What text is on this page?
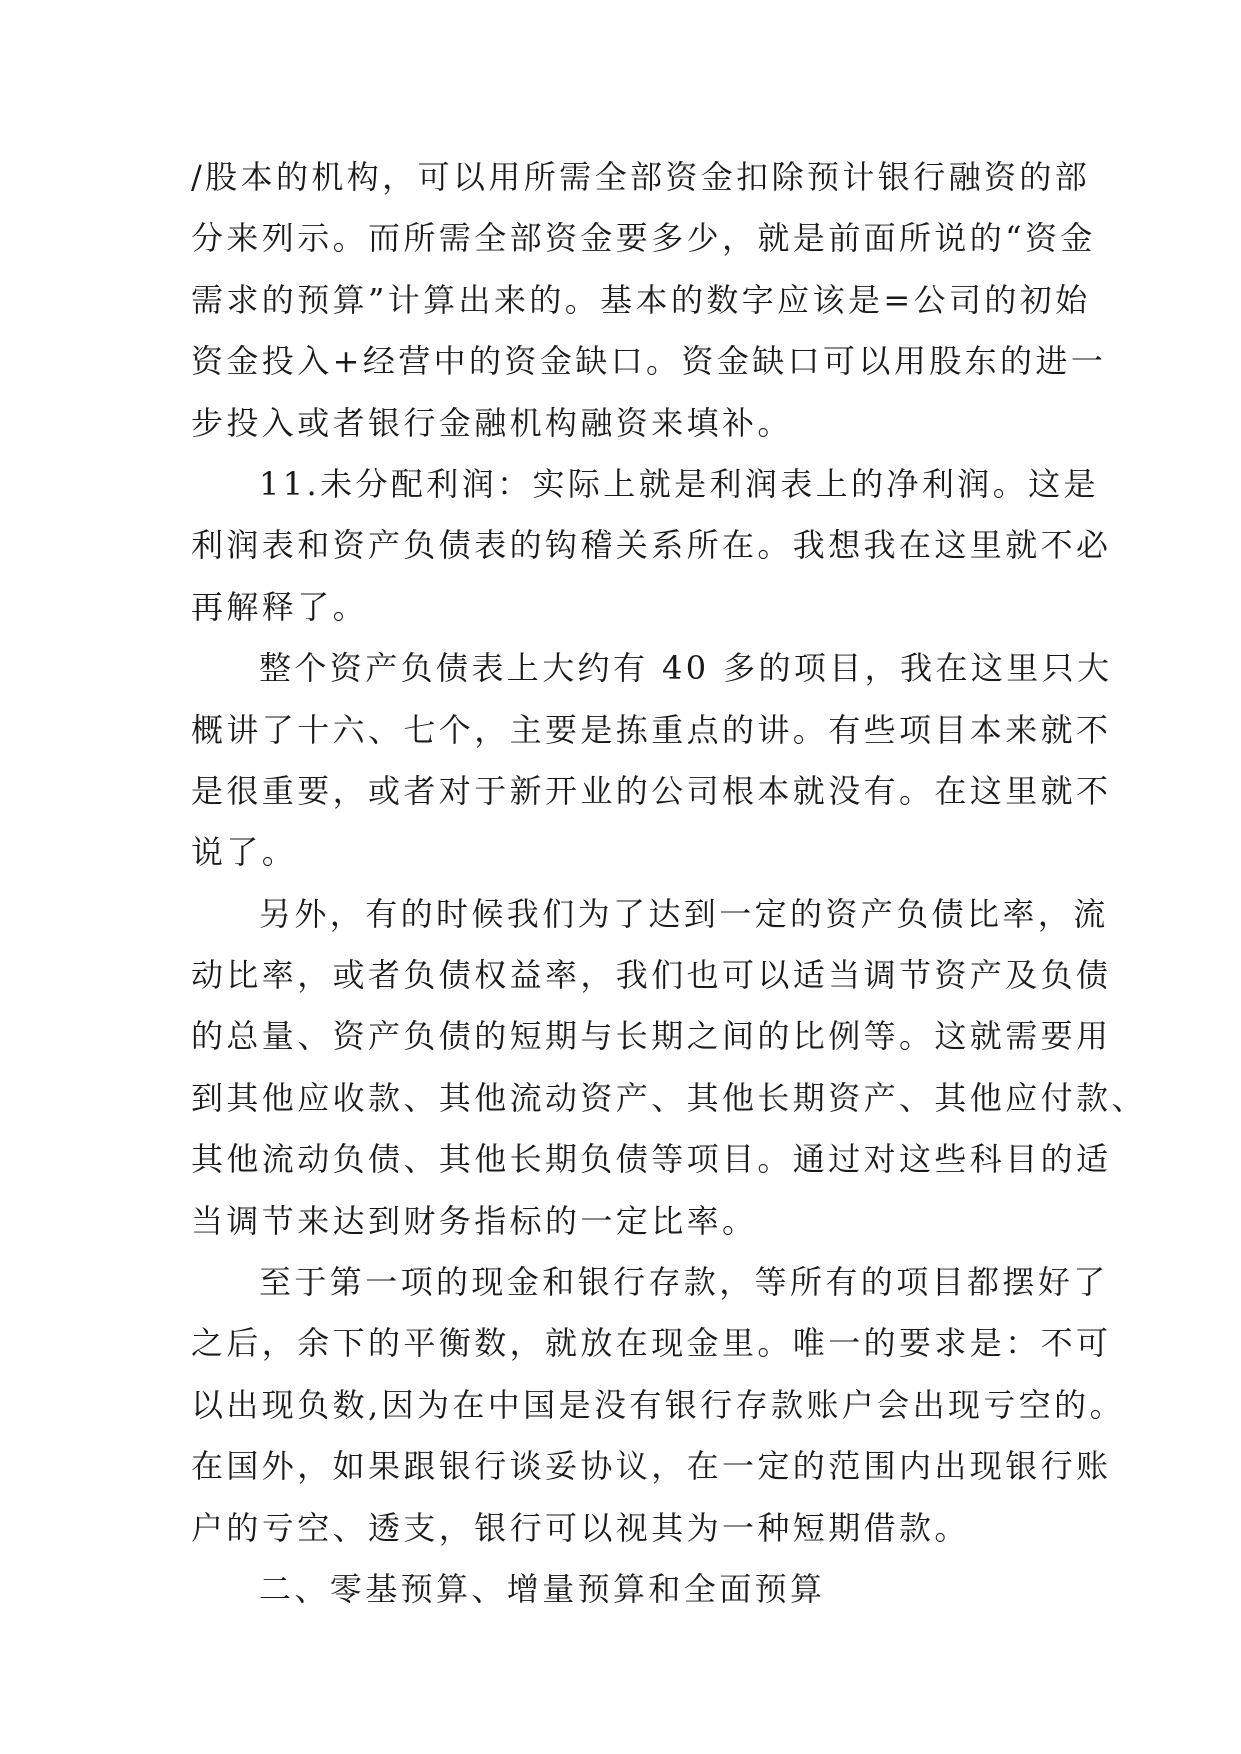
/股本的机构，可以用所需全部资金扣除预计银行融资的部
分来列示。而所需全部资金要多少，就是前面所说的“资金
需求的预算”计算出来的。基本的数字应该是=公司的初始
资金投入+经营中的资金缺口。资金缺口可以用股东的进一
步投入或者银行金融机构融资来填补。
11.未分配利润：实际上就是利润表上的净利润。这是
利润表和资产负债表的钩稽关系所在。我想我在这里就不必
再解释了。
整个资产负债表上大约有 40 多的项目，我在这里只大
概讲了十六、七个，主要是拣重点的讲。有些项目本来就不
是很重要，或者对于新开业的公司根本就没有。在这里就不
说了。
另外，有的时候我们为了达到一定的资产负债比率，流
动比率，或者负债权益率，我们也可以适当调节资产及负债
的总量、资产负债的短期与长期之间的比例等。这就需要用
到其他应收款、其他流动资产、其他长期资产、其他应付款、
其他流动负债、其他长期负债等项目。通过对这些科目的适
当调节来达到财务指标的一定比率。
至于第一项的现金和银行存款，等所有的项目都摆好了
之后，余下的平衡数，就放在现金里。唯一的要求是：不可
以出现负数,因为在中国是没有银行存款账户会出现亏空的。
在国外，如果跟银行谈妥协议，在一定的范围内出现银行账
户的亏空、透支，银行可以视其为一种短期借款。
二、零基预算、增量预算和全面预算
